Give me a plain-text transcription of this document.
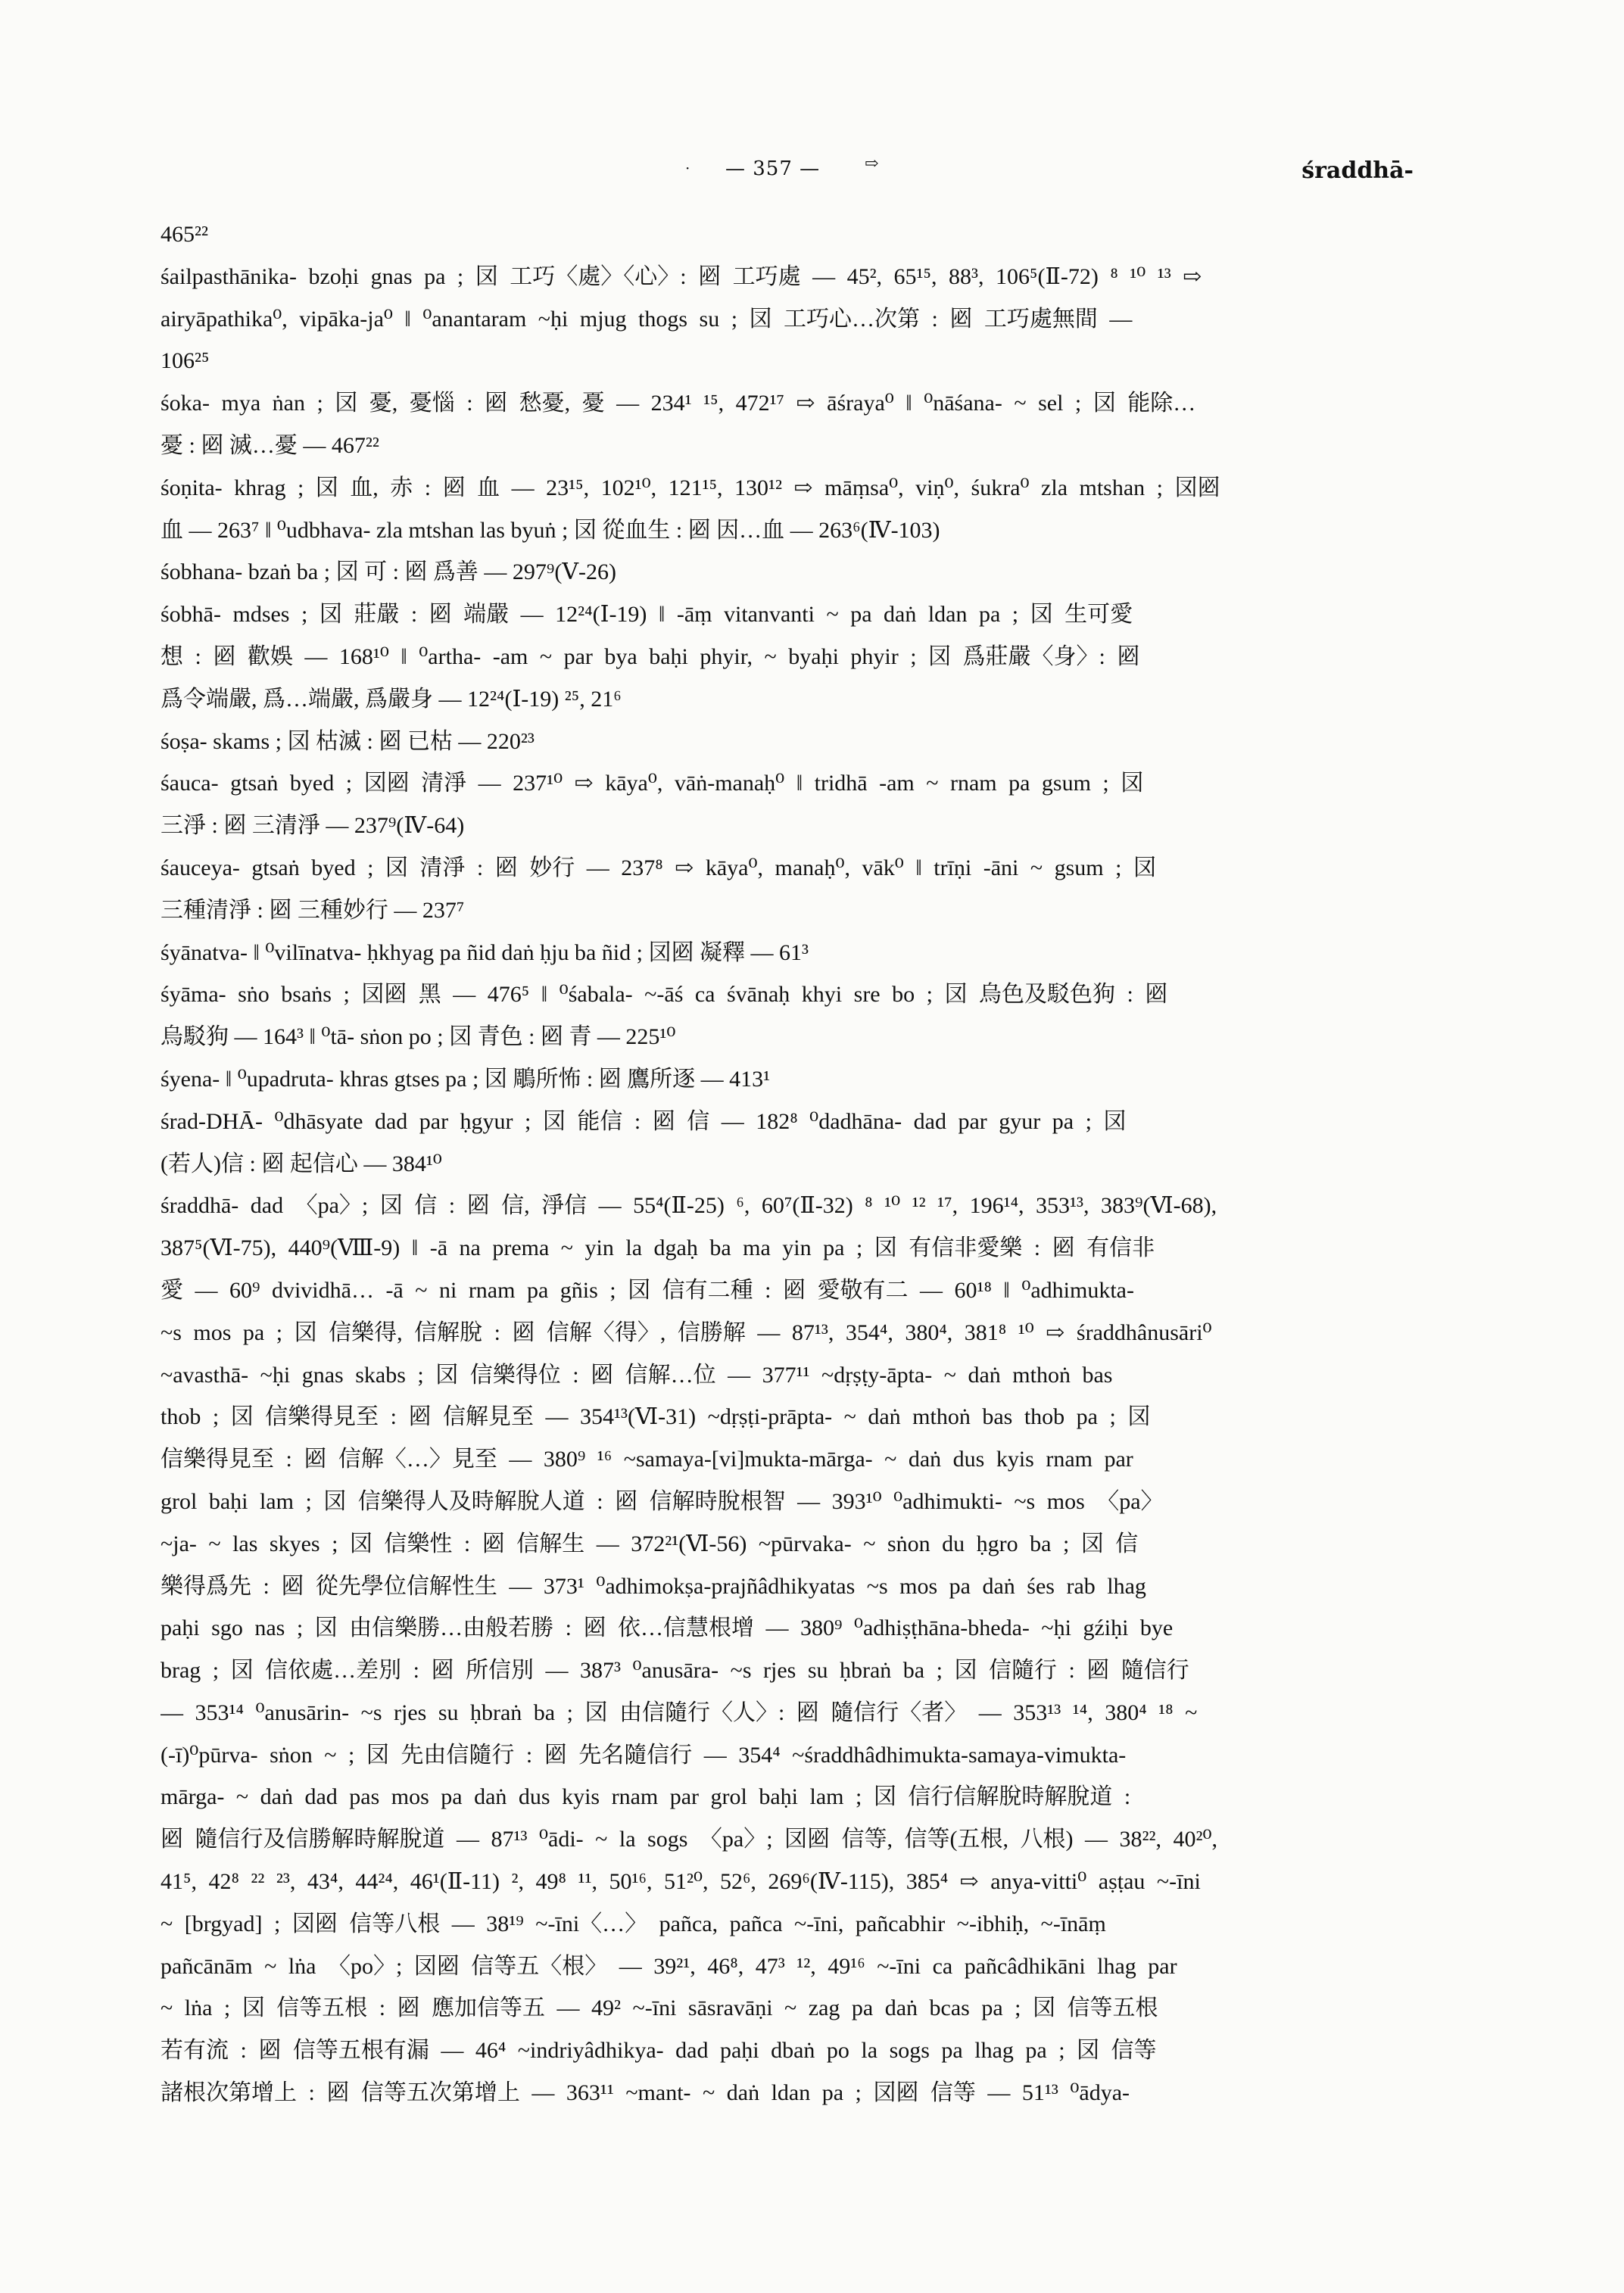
· — 357 —	⇨	śraddhā-
465²²
śailpasthānika- bzoḥi gnas pa ; 㘝 工巧〈處〉〈心〉: 㘠 工巧處 — 45², 65¹⁵, 88³, 106⁵(Ⅱ-72) ⁸ ¹⁰ ¹³ ⇨
airyāpathika⁰, vipāka-ja⁰ ‖ ⁰anantaram ~ḥi mjug thogs su ; 㘝 工巧心…次第 : 㘠 工巧處無間 —
106²⁵
śoka- mya ṅan ; 㘝 憂, 憂惱 : 㘠 愁憂, 憂 — 234¹ ¹⁵, 472¹⁷ ⇨ āśraya⁰ ‖ ⁰nāśana- ~ sel ; 㘝 能除…
憂 : 㘠 滅…憂 — 467²²
śoṇita- khrag ; 㘝 血, 赤 : 㘠 血 — 23¹⁵, 102¹⁰, 121¹⁵, 130¹² ⇨ māṃsa⁰, viṇ⁰, śukra⁰ zla mtshan ; 㘝㘠
血 — 263⁷ ‖ ⁰udbhava- zla mtshan las byuṅ ; 㘝 從血生 : 㘠 因…血 — 263⁶(Ⅳ-103)
śobhana- bzaṅ ba ; 㘝 可 : 㘠 爲善 — 297⁹(Ⅴ-26)
śobhā- mdses ; 㘝 莊嚴 : 㘠 端嚴 — 12²⁴(Ⅰ-19) ‖ -āṃ vitanvanti ~ pa daṅ ldan pa ; 㘝 生可愛
想 : 㘠 歡娛 — 168¹⁰ ‖ ⁰artha- -am ~ par bya baḥi phyir, ~ byaḥi phyir ; 㘝 爲莊嚴〈身〉: 㘠
爲令端嚴, 爲…端嚴, 爲嚴身 — 12²⁴(Ⅰ-19) ²⁵, 21⁶
śoṣa- skams ; 㘝 枯滅 : 㘠 已枯 — 220²³
śauca- gtsaṅ byed ; 㘝㘠 清淨 — 237¹⁰ ⇨ kāya⁰, vāṅ-manaḥ⁰ ‖ tridhā -am ~ rnam pa gsum ; 㘝
三淨 : 㘠 三清淨 — 237⁹(Ⅳ-64)
śauceya- gtsaṅ byed ; 㘝 清淨 : 㘠 妙行 — 237⁸ ⇨ kāya⁰, manaḥ⁰, vāk⁰ ‖ trīṇi -āni ~ gsum ; 㘝
三種清淨 : 㘠 三種妙行 — 237⁷
śyānatva- ‖ ⁰vilīnatva- ḥkhyag pa ñid daṅ ḥju ba ñid ; 㘝㘠 凝釋 — 61³
śyāma- sṅo bsaṅs ; 㘝㘠 黑 — 476⁵ ‖ ⁰śabala- ~-āś ca śvānaḥ khyi sre bo ; 㘝 烏色及駁色狗 : 㘠
烏駁狗 — 164³ ‖ ⁰tā- sṅon po ; 㘝 青色 : 㘠 青 — 225¹⁰
śyena- ‖ ⁰upadruta- khras gtses pa ; 㘝 鵰所怖 : 㘠 鷹所逐 — 413¹
śrad-DHĀ- ⁰dhāsyate dad par ḥgyur ; 㘝 能信 : 㘠 信 — 182⁸ ⁰dadhāna- dad par gyur pa ; 㘝
(若人)信 : 㘠 起信心 — 384¹⁰
śraddhā- dad 〈pa〉; 㘝 信 : 㘠 信, 淨信 — 55⁴(Ⅱ-25) ⁶, 60⁷(Ⅱ-32) ⁸ ¹⁰ ¹² ¹⁷, 196¹⁴, 353¹³, 383⁹(Ⅵ-68),
387⁵(Ⅵ-75), 440⁹(Ⅷ-9) ‖ -ā na prema ~ yin la dgaḥ ba ma yin pa ; 㘝 有信非愛樂 : 㘠 有信非
愛 — 60⁹ dvividhā… -ā ~ ni rnam pa gñis ; 㘝 信有二種 : 㘠 愛敬有二 — 60¹⁸ ‖ ⁰adhimukta-
~s mos pa ; 㘝 信樂得, 信解脫 : 㘠 信解〈得〉, 信勝解 — 87¹³, 354⁴, 380⁴, 381⁸ ¹⁰ ⇨ śraddhânusāri⁰
~avasthā- ~ḥi gnas skabs ; 㘝 信樂得位 : 㘠 信解…位 — 377¹¹ ~dṛṣṭy-āpta- ~ daṅ mthoṅ bas
thob ; 㘝 信樂得見至 : 㘠 信解見至 — 354¹³(Ⅵ-31) ~dṛṣṭi-prāpta- ~ daṅ mthoṅ bas thob pa ; 㘝
信樂得見至 : 㘠 信解〈…〉見至 — 380⁹ ¹⁶ ~samaya-[vi]mukta-mārga- ~ daṅ dus kyis rnam par
grol baḥi lam ; 㘝 信樂得人及時解脫人道 : 㘠 信解時脫根智 — 393¹⁰ ⁰adhimukti- ~s mos 〈pa〉
~ja- ~ las skyes ; 㘝 信樂性 : 㘠 信解生 — 372²¹(Ⅵ-56) ~pūrvaka- ~ sṅon du ḥgro ba ; 㘝 信
樂得爲先 : 㘠 從先學位信解性生 — 373¹ ⁰adhimokṣa-prajñâdhikyatas ~s mos pa daṅ śes rab lhag
paḥi sgo nas ; 㘝 由信樂勝…由般若勝 : 㘠 依…信慧根增 — 380⁹ ⁰adhiṣṭhāna-bheda- ~ḥi gźiḥi bye
brag ; 㘝 信依處…差別 : 㘠 所信別 — 387³ ⁰anusāra- ~s rjes su ḥbraṅ ba ; 㘝 信隨行 : 㘠 隨信行
— 353¹⁴ ⁰anusārin- ~s rjes su ḥbraṅ ba ; 㘝 由信隨行〈人〉: 㘠 隨信行〈者〉 — 353¹³ ¹⁴, 380⁴ ¹⁸ ~
(-ī)⁰pūrva- sṅon ~ ; 㘝 先由信隨行 : 㘠 先名隨信行 — 354⁴ ~śraddhâdhimukta-samaya-vimukta-
mārga- ~ daṅ dad pas mos pa daṅ dus kyis rnam par grol baḥi lam ; 㘝 信行信解脫時解脫道 :
㘠 隨信行及信勝解時解脫道 — 87¹³ ⁰ādi- ~ la sogs 〈pa〉; 㘝㘠 信等, 信等(五根, 八根) — 38²², 40²⁰,
41⁵, 42⁸ ²² ²³, 43⁴, 44²⁴, 46¹(Ⅱ-11) ², 49⁸ ¹¹, 50¹⁶, 51²⁰, 52⁶, 269⁶(Ⅳ-115), 385⁴ ⇨ anya-vitti⁰ aṣṭau ~-īni
~ [brgyad] ; 㘝㘠 信等八根 — 38¹⁹ ~-īni〈…〉 pañca, pañca ~-īni, pañcabhir ~-ibhiḥ, ~-īnāṃ
pañcānām ~ lṅa 〈po〉; 㘝㘠 信等五〈根〉 — 39²¹, 46⁸, 47³ ¹², 49¹⁶ ~-īni ca pañcâdhikāni lhag par
~ lṅa ; 㘝 信等五根 : 㘠 應加信等五 — 49² ~-īni sāsravāṇi ~ zag pa daṅ bcas pa ; 㘝 信等五根
若有流 : 㘠 信等五根有漏 — 46⁴ ~indriyâdhikya- dad paḥi dbaṅ po la sogs pa lhag pa ; 㘝 信等
諸根次第增上 : 㘠 信等五次第增上 — 363¹¹ ~mant- ~ daṅ ldan pa ; 㘝㘠 信等 — 51¹³ ⁰ādya-
